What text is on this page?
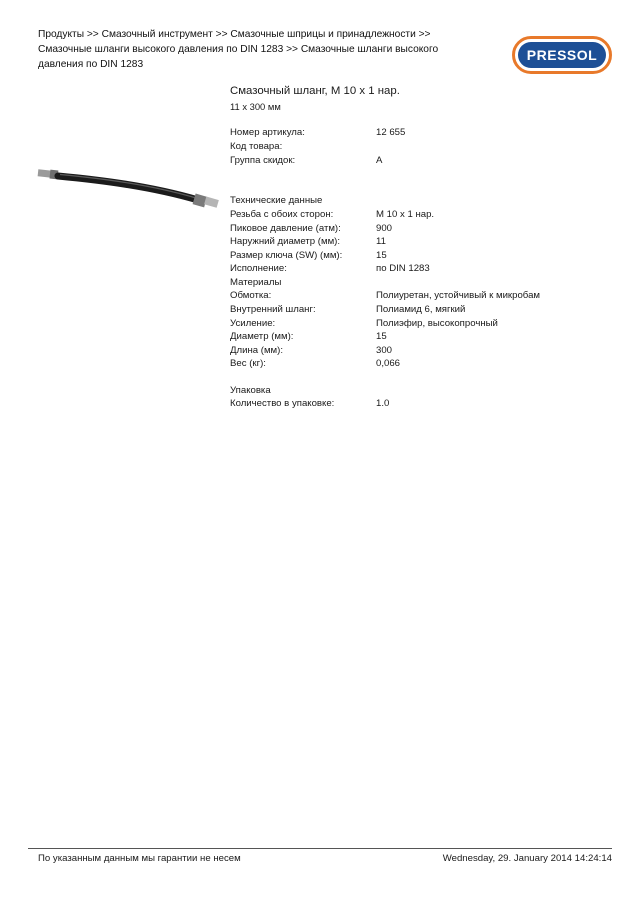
Продукты >> Смазочный инструмент >> Смазочные шприцы и принадлежности >>
Смазочные шланги высокого давления по DIN 1283 >> Смазочные шланги высокого
давления по DIN 1283
PRESSOL
Смазочный шланг, М 10 x 1 нар.
11 x 300 мм
Номер артикула:	12 655
Код товара:
Группа скидок:	A
Технические данные
Резьба с обоих сторон:	M 10 x 1 нар.
Пиковое давление (атм):	900
Наружний диаметр (мм):	11
Размер ключа (SW) (мм):	15
Исполнение:	по DIN 1283
Материалы
Обмотка:	Полиуретан, устойчивый к микробам
Внутренний шланг:	Полиамид 6, мягкий
Усиление:	Полиэфир, высокопрочный
Диаметр (мм):	15
Длина (мм):	300
Вес (кг):	0,066
Упаковка
Количество в упаковке:	1.0
По указанным данным мы гарантии не несем	Wednesday, 29. January 2014 14:24:14
